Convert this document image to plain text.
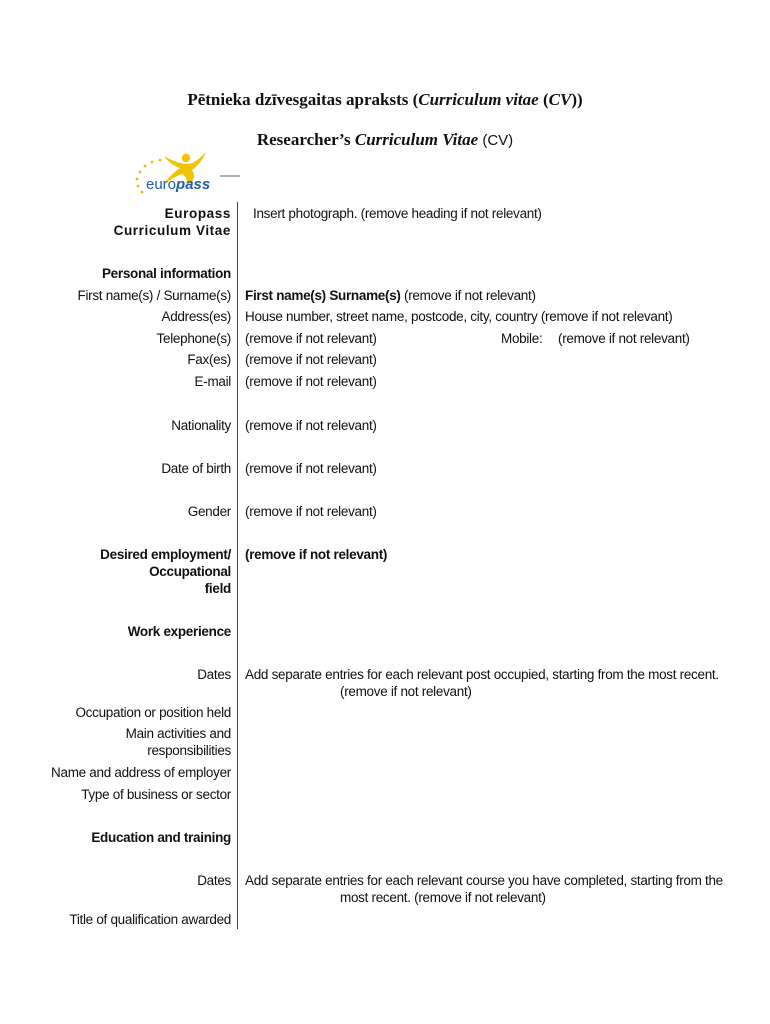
Pētnieka dzīvesgaitas apraksts (Curriculum vitae (CV))
Researcher’s Curriculum Vitae (CV)
europass
Europass
Curriculum Vitae
Insert photograph. (remove heading if not relevant)
Personal information
First name(s) / Surname(s) First name(s) Surname(s) (remove if not relevant)
Address(es) House number, street name, postcode, city, country (remove if not relevant)
Telephone(s) (remove if not relevant)	Mobile: (remove if not relevant)
Fax(es) (remove if not relevant)
E-mail (remove if not relevant)
Nationality (remove if not relevant)
Date of birth (remove if not relevant)
Gender (remove if not relevant)
Desired employment/
Occupational
field
(remove if not relevant)
Work experience
Dates Add separate entries for each relevant post occupied, starting from the most recent.
(remove if not relevant)
Occupation or position held
Main activities and
responsibilities
Name and address of employer
Type of business or sector
Education and training
Dates Add separate entries for each relevant course you have completed, starting from the
most recent. (remove if not relevant)
Title of qualification awarded
